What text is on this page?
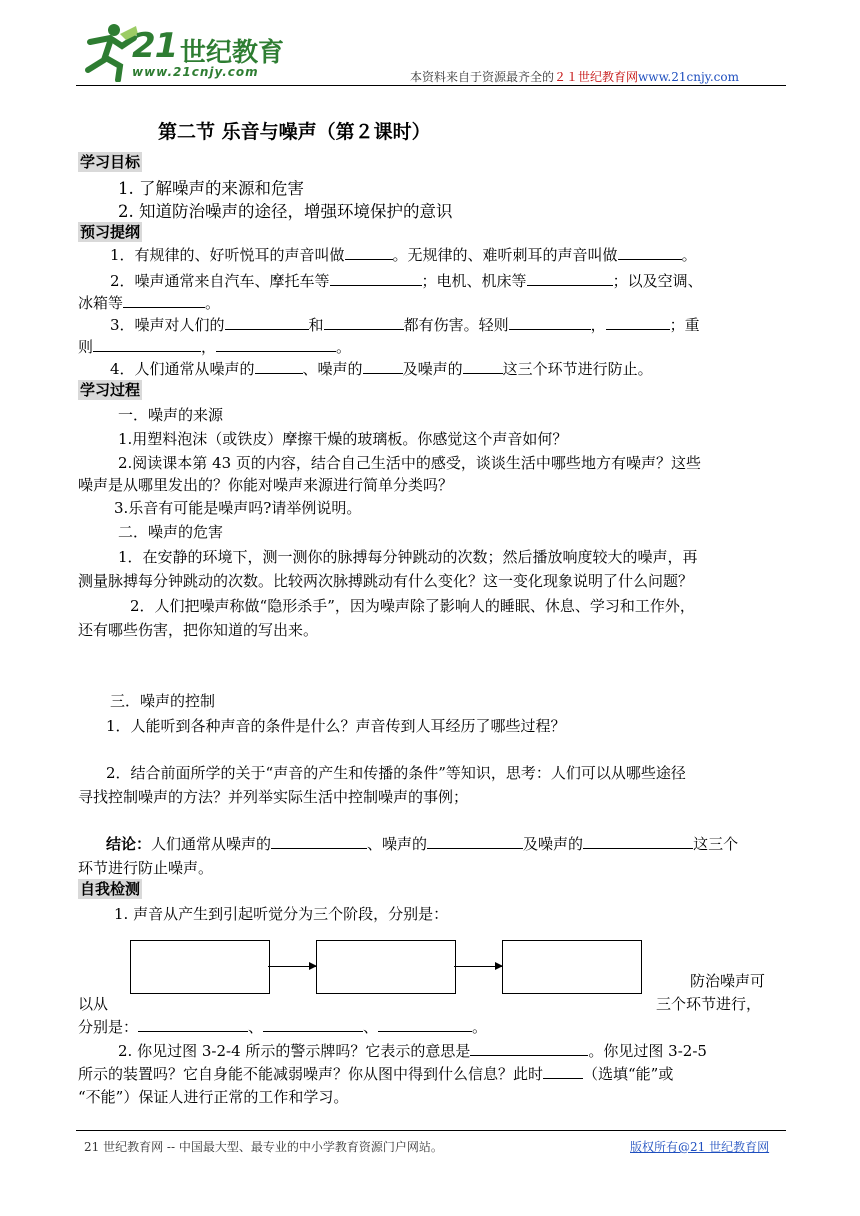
21 世纪教育
www.21cnjy.com	本资料来自于资源最齐全的２１世纪教育网www.21cnjy.com
第二节 乐音与噪声（第２课时）
学习目标
1. 了解噪声的来源和危害
2. 知道防治噪声的途径，增强环境保护的意识
预习提纲
1．有规律的、好听悦耳的声音叫做	。无规律的、难听刺耳的声音叫做	。
2．噪声通常来自汽车、摩托车等	；电机、机床等	；以及空调、
冰箱等	。
3．噪声对人们的	和	都有伤害。轻则	，	；重
则	，	。
4．人们通常从噪声的	、噪声的	及噪声的	这三个环节进行防止。
学习过程
一．噪声的来源
1.用塑料泡沫（或铁皮）摩擦干燥的玻璃板。你感觉这个声音如何？
2.阅读课本第 43 页的内容，结合自己生活中的感受，谈谈生活中哪些地方有噪声？这些
噪声是从哪里发出的？你能对噪声来源进行简单分类吗？
3.乐音有可能是噪声吗?请举例说明。
二．噪声的危害
1．在安静的环境下，测一测你的脉搏每分钟跳动的次数；然后播放响度较大的噪声，再
测量脉搏每分钟跳动的次数。比较两次脉搏跳动有什么变化？这一变化现象说明了什么问题？
2．人们把噪声称做“隐形杀手”，因为噪声除了影响人的睡眠、休息、学习和工作外，
还有哪些伤害，把你知道的写出来。
三．噪声的控制
1．人能听到各种声音的条件是什么？声音传到人耳经历了哪些过程？
2．结合前面所学的关于“声音的产生和传播的条件”等知识，思考：人们可以从哪些途径
寻找控制噪声的方法？并列举实际生活中控制噪声的事例；
结论：人们通常从噪声的	、噪声的	及噪声的	这三个
环节进行防止噪声。
自我检测
1. 声音从产生到引起听觉分为三个阶段，分别是：
防治噪声可
以从	三个环节进行，
分别是：	、	、	。
2. 你见过图 3-2-4 所示的警示牌吗？它表示的意思是	。你见过图 3-2-5
所示的装置吗？它自身能不能减弱噪声？你从图中得到什么信息？此时	（选填“能”或
“不能”）保证人进行正常的工作和学习。
21 世纪教育网 -- 中国最大型、最专业的中小学教育资源门户网站。	版权所有@21 世纪教育网
